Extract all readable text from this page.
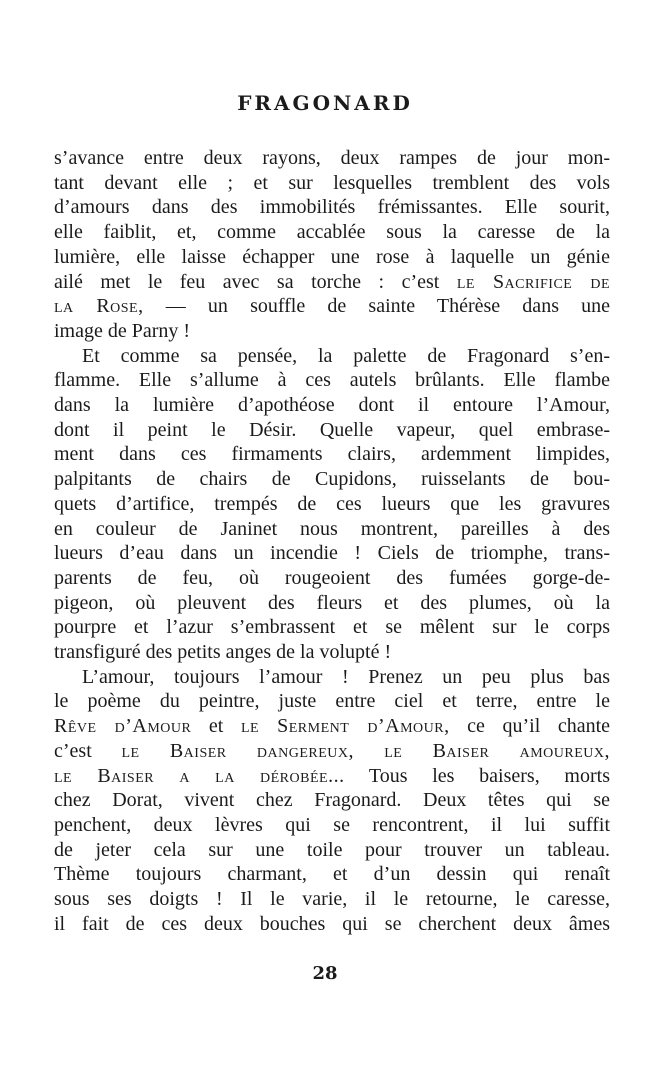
FRAGONARD

s’avance entre deux rayons, deux rampes de jour mon-
tant devant elle ; et sur lesquelles tremblent des vols
d’amours dans des immobilités frémissantes. Elle sourit,
elle faiblit, et, comme accablée sous la caresse de la
lumière, elle laisse échapper une rose à laquelle un génie
ailé met le feu avec sa torche : c’est le Sacrifice de
la Rose, — un souffle de sainte Thérèse dans une
image de Parny !

Et comme sa pensée, la palette de Fragonard s’en-
flamme. Elle s’allume à ces autels brûlants. Elle flambe
dans la lumière d’apothéose dont il entoure l’Amour,
dont il peint le Désir. Quelle vapeur, quel embrase-
ment dans ces firmaments clairs, ardemment limpides,
palpitants de chairs de Cupidons, ruisselants de bou-
quets d’artifice, trempés de ces lueurs que les gravures
en couleur de Janinet nous montrent, pareilles à des
lueurs d’eau dans un incendie ! Ciels de triomphe, trans-
parents de feu, où rougeoient des fumées gorge-de-
pigeon, où pleuvent des fleurs et des plumes, où la
pourpre et l’azur s’embrassent et se mêlent sur le corps
transfiguré des petits anges de la volupté !

L’amour, toujours l’amour ! Prenez un peu plus bas
le poème du peintre, juste entre ciel et terre, entre le
Rêve d’Amour et le Serment d’Amour, ce qu’il chante
c’est le Baiser dangereux, le Baiser amoureux,
le Baiser a la dérobée... Tous les baisers, morts
chez Dorat, vivent chez Fragonard. Deux têtes qui se
penchent, deux lèvres qui se rencontrent, il lui suffit
de jeter cela sur une toile pour trouver un tableau.
Thème toujours charmant, et d’un dessin qui renaît
sous ses doigts ! Il le varie, il le retourne, le caresse,
il fait de ces deux bouches qui se cherchent deux âmes

28
